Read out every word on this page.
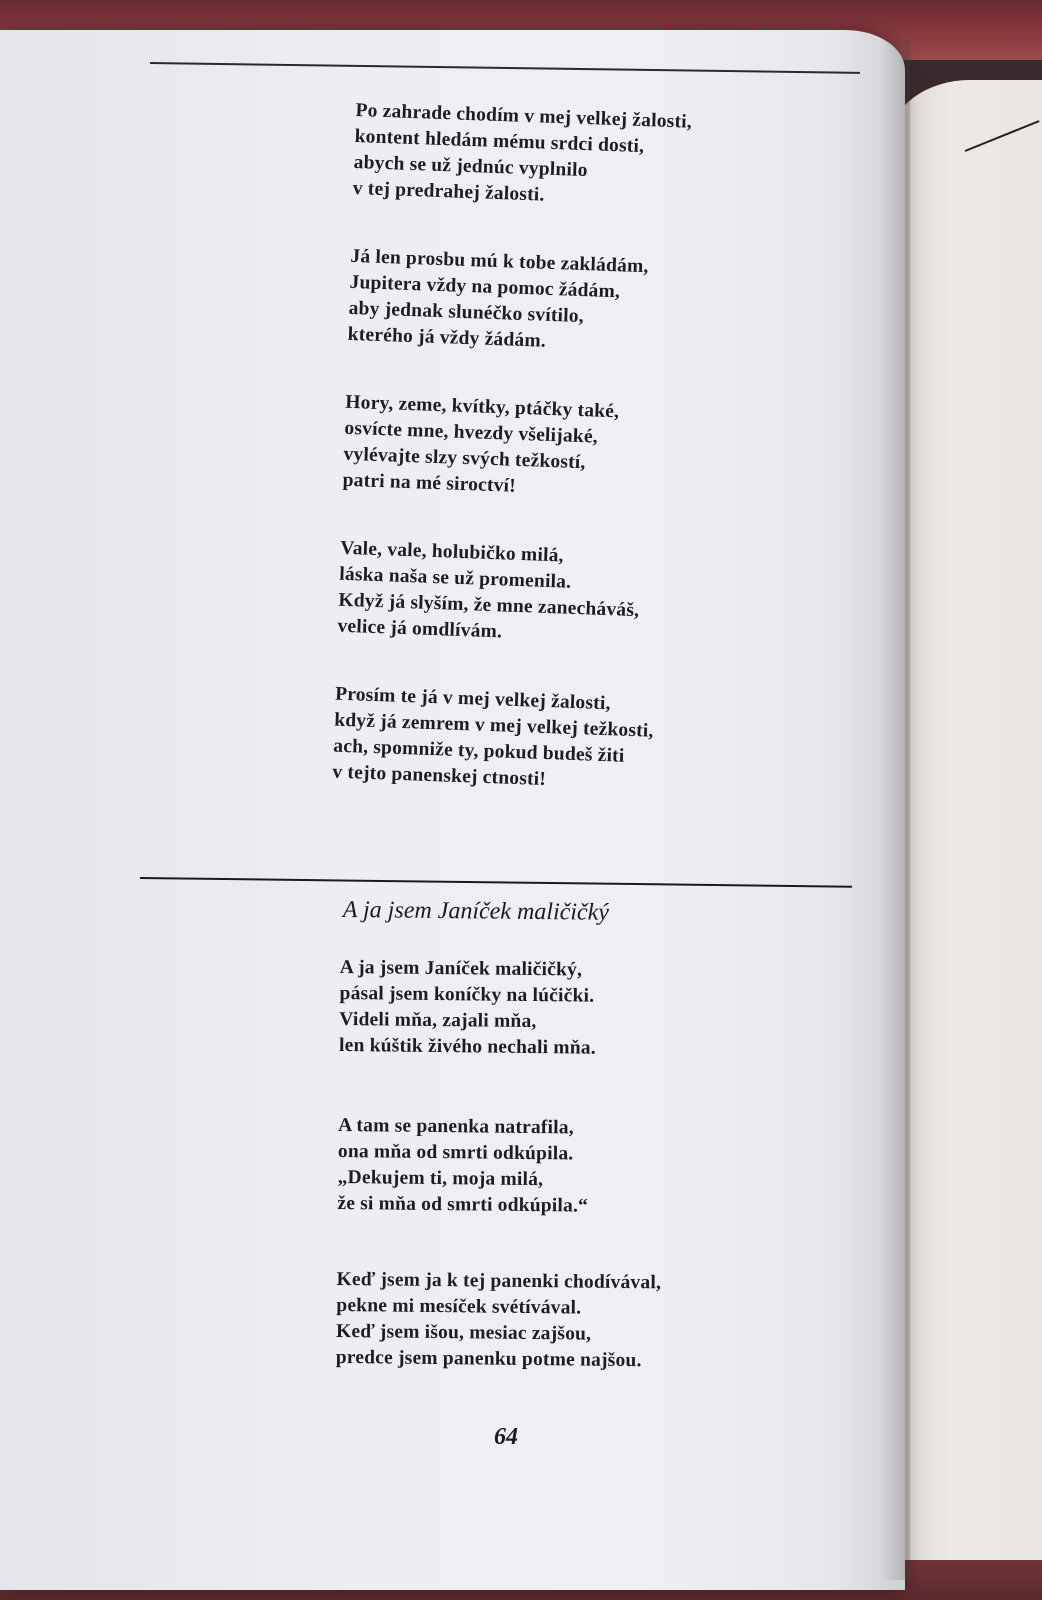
Po zahrade chodím v mej velkej žalosti,
kontent hledám mému srdci dosti,
abych se už jednúc vyplnilo
v tej predrahej žalosti.
Já len prosbu mú k tobe zakládám,
Jupitera vždy na pomoc žádám,
aby jednak slunéčko svítilo,
kterého já vždy žádám.
Hory, zeme, kvítky, ptáčky také,
osvícte mne, hvezdy všelijaké,
vylévajte slzy svých težkostí,
patri na mé siroctví!
Vale, vale, holubičko milá,
láska naša se už promenila.
Když já slyším, že mne zanecháváš,
velice já omdlívám.
Prosím te já v mej velkej žalosti,
když já zemrem v mej velkej težkosti,
ach, spomniže ty, pokud budeš žiti
v tejto panenskej ctnosti!
A ja jsem Janíček maličičký
A ja jsem Janíček maličičký,
pásal jsem koníčky na lúčički.
Videli mňa, zajali mňa,
len kúštik živého nechali mňa.
A tam se panenka natrafila,
ona mňa od smrti odkúpila.
„Dekujem ti, moja milá,
že si mňa od smrti odkúpila.“
Keď jsem ja k tej panenki chodívával,
pekne mi mesíček svétívával.
Keď jsem išou, mesiac zajšou,
predce jsem panenku potme najšou.
64
